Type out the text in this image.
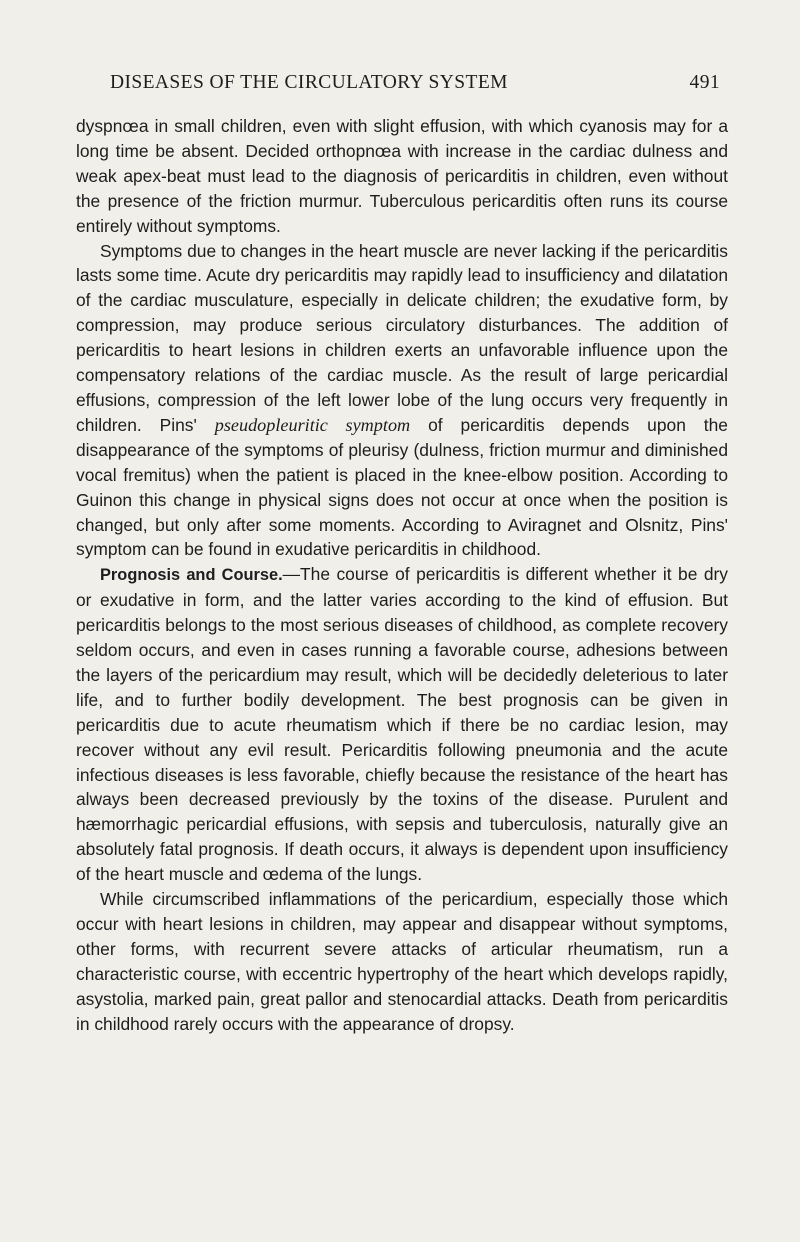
DISEASES OF THE CIRCULATORY SYSTEM	491

dyspnœa in small children, even with slight effusion, with which cyanosis may for a long time be absent. Decided orthopnœa with increase in the cardiac dulness and weak apex-beat must lead to the diagnosis of pericarditis in children, even without the presence of the friction murmur. Tuberculous pericarditis often runs its course entirely without symptoms.

Symptoms due to changes in the heart muscle are never lacking if the pericarditis lasts some time. Acute dry pericarditis may rapidly lead to insufficiency and dilatation of the cardiac musculature, especially in delicate children; the exudative form, by compression, may produce serious circulatory disturbances. The addition of pericarditis to heart lesions in children exerts an unfavorable influence upon the compensatory relations of the cardiac muscle. As the result of large pericardial effusions, compression of the left lower lobe of the lung occurs very frequently in children. Pins' pseudopleuritic symptom of pericarditis depends upon the disappearance of the symptoms of pleurisy (dulness, friction murmur and diminished vocal fremitus) when the patient is placed in the knee-elbow position. According to Guinon this change in physical signs does not occur at once when the position is changed, but only after some moments. According to Aviragnet and Olsnitz, Pins' symptom can be found in exudative pericarditis in childhood.

Prognosis and Course.—The course of pericarditis is different whether it be dry or exudative in form, and the latter varies according to the kind of effusion. But pericarditis belongs to the most serious diseases of childhood, as complete recovery seldom occurs, and even in cases running a favorable course, adhesions between the layers of the pericardium may result, which will be decidedly deleterious to later life, and to further bodily development. The best prognosis can be given in pericarditis due to acute rheumatism which if there be no cardiac lesion, may recover without any evil result. Pericarditis following pneumonia and the acute infectious diseases is less favorable, chiefly because the resistance of the heart has always been decreased previously by the toxins of the disease. Purulent and hæmorrhagic pericardial effusions, with sepsis and tuberculosis, naturally give an absolutely fatal prognosis. If death occurs, it always is dependent upon insufficiency of the heart muscle and œdema of the lungs.

While circumscribed inflammations of the pericardium, especially those which occur with heart lesions in children, may appear and disappear without symptoms, other forms, with recurrent severe attacks of articular rheumatism, run a characteristic course, with eccentric hypertrophy of the heart which develops rapidly, asystolia, marked pain, great pallor and stenocardial attacks. Death from pericarditis in childhood rarely occurs with the appearance of dropsy.
